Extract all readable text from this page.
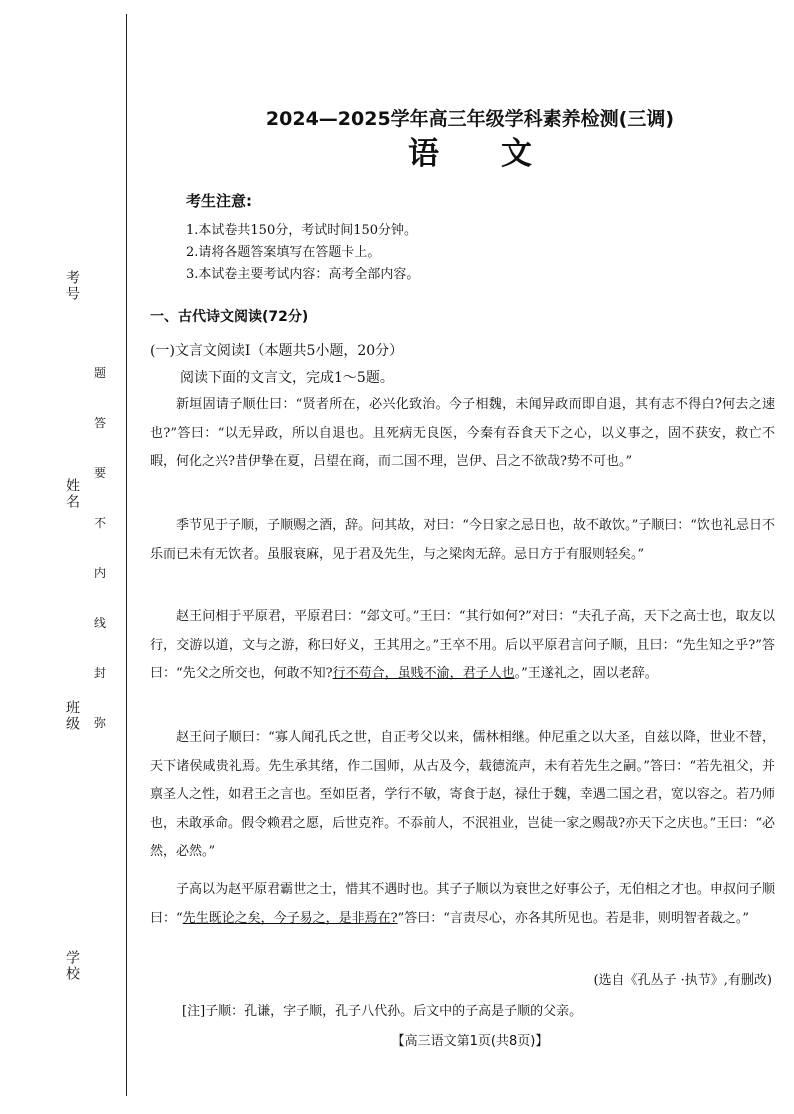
考号
姓名
班级
学校
题
答
要
不
内
线
封
弥
2024—2025学年高三年级学科素养检测(三调)
语文
考生注意:
1.本试卷共150分，考试时间150分钟。
2.请将各题答案填写在答题卡上。
3.本试卷主要考试内容：高考全部内容。
一、古代诗文阅读(72分)
(一)文言文阅读I（本题共5小题，20分）
阅读下面的文言文，完成1～5题。

新垣固请子顺仕曰：“贤者所在，必兴化致治。今子相魏，未闻异政而即自退，其有志不得白?何去之速也?”答曰：“以无异政，所以自退也。且死病无良医，今秦有吞食天下之心，以义事之，固不获安，救亡不暇，何化之兴?昔伊挚在夏，吕望在商，而二国不理，岂伊、吕之不欲哉?势不可也。”

季节见于子顺，子顺赐之酒，辞。问其故，对曰：“今日家之忌日也，故不敢饮。”子顺曰：“饮也礼忌日不乐而已未有无饮者。虽服衰麻，见于君及先生，与之梁肉无辞。忌日方于有服则轻矣。”

赵王问相于平原君，平原君曰：“郐文可。”王曰：“其行如何?”对曰：“夫孔子高，天下之高士也，取友以行，交游以道，文与之游，称曰好义，王其用之。”王卒不用。后以平原君言问子顺，且曰：“先生知之乎?”答曰：“先父之所交也，何敢不知?行不苟合，虽贱不渝，君子人也。”王遂礼之，固以老辞。

赵王问子顺曰：“寡人闻孔氏之世，自正考父以来，儒林相继。仲尼重之以大圣，自兹以降，世业不替，天下诸侯咸贵礼焉。先生承其绪，作二国师，从古及今，载德流声，未有若先生之嗣。”答曰：“若先祖父，并禀圣人之性，如君王之言也。至如臣者，学行不敏，寄食于赵，禄仕于魏，幸遇二国之君，宽以容之。若乃师也，未敢承命。假令赖君之愿，后世克祚。不忝前人，不泯祖业，岂徒一家之赐哉?亦天下之庆也。”王曰：“必然，必然。”

子高以为赵平原君霸世之士，惜其不遇时也。其子子顺以为衰世之好事公子，无伯相之才也。申叔问子顺曰：“先生既论之矣，今子易之，是非焉在?”答曰：“言责尽心，亦各其所见也。若是非，则明智者裁之。”

(选自《孔丛子 ·执节》,有删改)
[注]子顺：孔谦，字子顺，孔子八代孙。后文中的子高是子顺的父亲。
【高三语文第1页(共8页)】
